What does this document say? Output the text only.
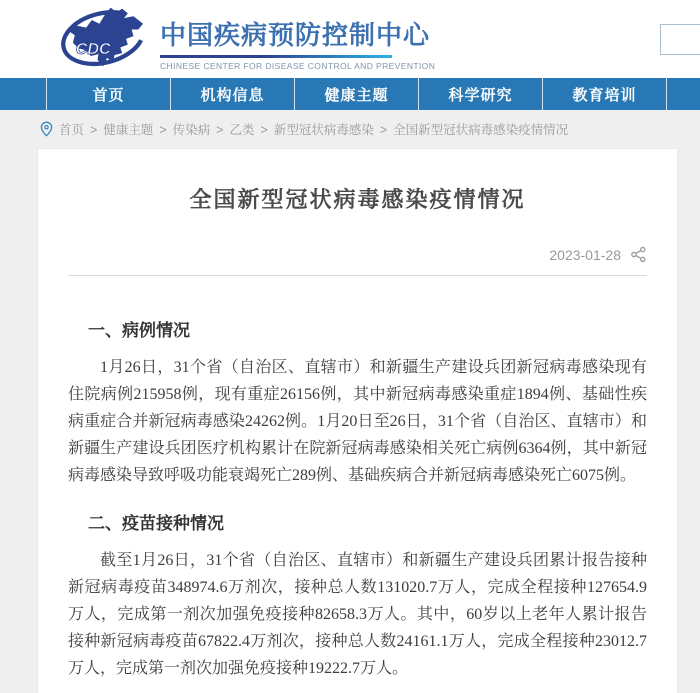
CDC 中国疾病预防控制中心
CHINESE CENTER FOR DISEASE CONTROL AND PREVENTION
首页	机构信息	健康主题	科学研究	教育培训
首页 > 健康主题 > 传染病 > 乙类 > 新型冠状病毒感染 > 全国新型冠状病毒感染疫情情况
全国新型冠状病毒感染疫情情况
2023-01-28
一、病例情况

1月26日，31个省（自治区、直辖市）和新疆生产建设兵团新冠病毒感染现有住院病例215958例，现有重症26156例，其中新冠病毒感染重症1894例、基础性疾病重症合并新冠病毒感染24262例。1月20日至26日，31个省（自治区、直辖市）和新疆生产建设兵团医疗机构累计在院新冠病毒感染相关死亡病例6364例，其中新冠病毒感染导致呼吸功能衰竭死亡289例、基础疾病合并新冠病毒感染死亡6075例。

二、疫苗接种情况

截至1月26日，31个省（自治区、直辖市）和新疆生产建设兵团累计报告接种新冠病毒疫苗348974.6万剂次，接种总人数131020.7万人，完成全程接种127654.9万人，完成第一剂次加强免疫接种82658.3万人。其中，60岁以上老年人累计报告接种新冠病毒疫苗67822.4万剂次，接种总人数24161.1万人，完成全程接种23012.7万人，完成第一剂次加强免疫接种19222.7万人。
